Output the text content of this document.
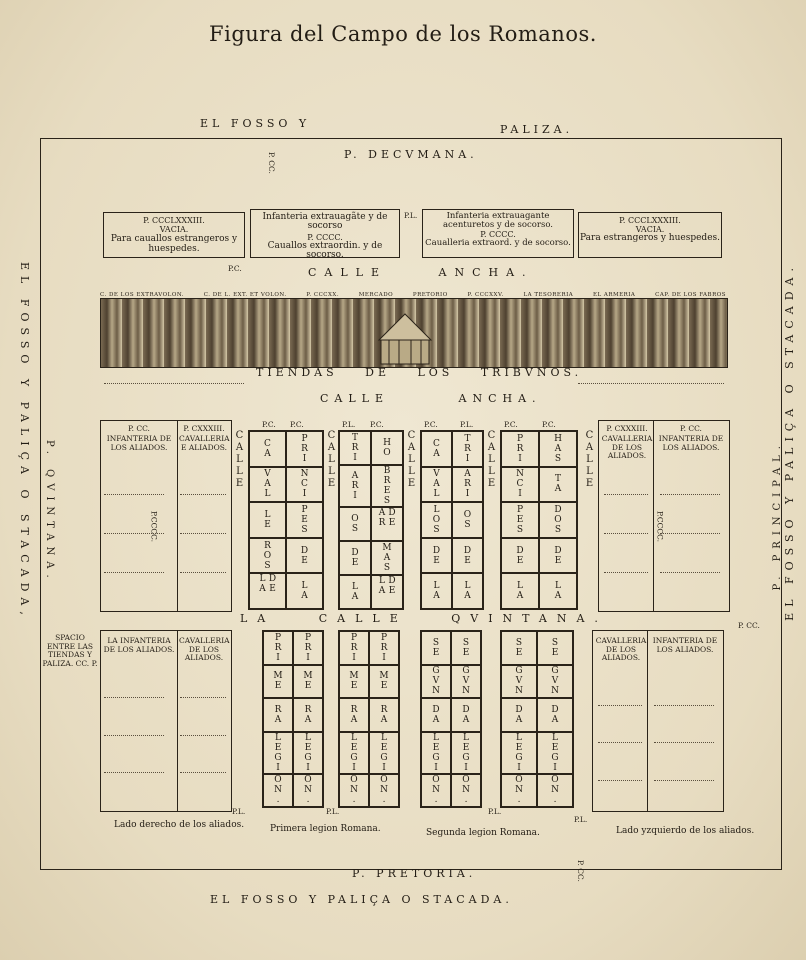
Figura del Campo de los Romanos.
EL FOSSO Y	PALIZA.
EL FOSSO Y PALIÇA O STACADA,	EL FOSSO Y PALIÇA O STACADA.
P. QVINTANA.	P. PRINCIPAL.
EL FOSSO Y PALIÇA O STACADA.
P. DECVMANA.
P. PRETORIA.
P. CC.
P. CC.
P. CC.
P. CCCLXXXIII.
VACIA.
Para cauallos estrangeros y huespedes.
Infanteria extrauagãte y de socorso
P. CCCC.
Cauallos extraordin. y de socorso.
P.L.	Infanteria extrauagante acenturetos y de socorso.
P. CCCC.
Caualleria extraord. y de socorso.
P. CCCLXXXIII.
VACIA.
Para estrangeros y huespedes.
P.C.	CALLE ANCHA.
C. DE LOS EXTRAVOLON.	C. DE L. EXT. ET VOLON.	P. CCCXX.	MERCADO	PRETORIO	P. CCCXXV.	LA TESORERIA	EL ARMERIA	CAP. DE LOS FABROS
TIENDAS DE LOS TRIBVNOS.
CALLE ANCHA.
P. CC.
INFANTERIA DE LOS ALIADOS.
P. CXXXIII.
CAVALLERIA E ALIADOS.
P.CCCC.
CALLE	CALLE	CALLE	CALLE	CALLE
P.C. P.C.	P.L. P.C.
CA
VAL
LE
ROS
DE LA
PRI
NCI
PES
DE
LA
TRI
ARI
OS
DE
LA
HO
BRES
DE AR
MAS
DE LA
P.C.	P.L.	P.C.	P.C.
CA
VAL
LOS
DE
LA
TRI
ARI
OS
DE
LA
PRI
NCI
PES
DE
LA
HAS
TA
DOS
DE
LA
P. CXXXIII.
CAVALLERIA DE LOS ALIADOS.
P. CC.
INFANTERIA DE LOS ALIADOS.
P.CCCC.
LA CALLE QVINTANA.
SPACIO ENTRE LAS TIENDAS Y PALIZA. CC. P.
LA INFANTERIA DE LOS ALIADOS.
CAVALLERIA DE LOS ALIADOS.	PRI
ME
RA
LEGI
ON.
PRI
ME
RA
LEGI
ON.
PRI
ME
RA
LEGI
ON.
PRI
ME
RA
LEGI
ON.
SE
GVN
DA
LEGI
ON.
SE
GVN
DA
LEGI
ON.
SE
GVN
DA
LEGI
ON.
SE
GVN
DA
LEGI
ON.
CAVALLERIA DE LOS ALIADOS.
INFANTERIA DE LOS ALIADOS.
P.L.	P.L.	P.L.
P.L.
Lado derecho de los aliados.	Primera legion Romana.	Segunda legion Romana.	Lado yzquierdo de los aliados.
